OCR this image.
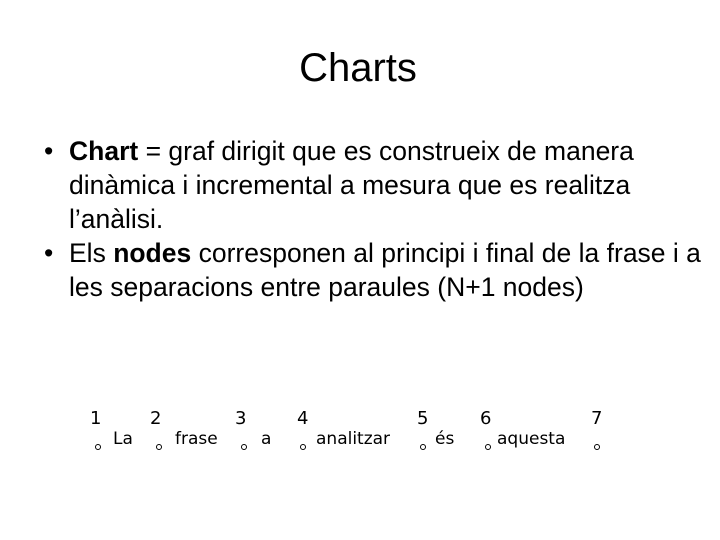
Charts
• Chart = graf dirigit que es construeix de manera dinàmica i incremental a mesura que es realitza l’anàlisi.
• Els nodes corresponen al principi i final de la frase i a les separacions entre paraules (N+1 nodes)
1
La
2
frase
3
a
4
analitzar
5
és
6
aquesta
7
